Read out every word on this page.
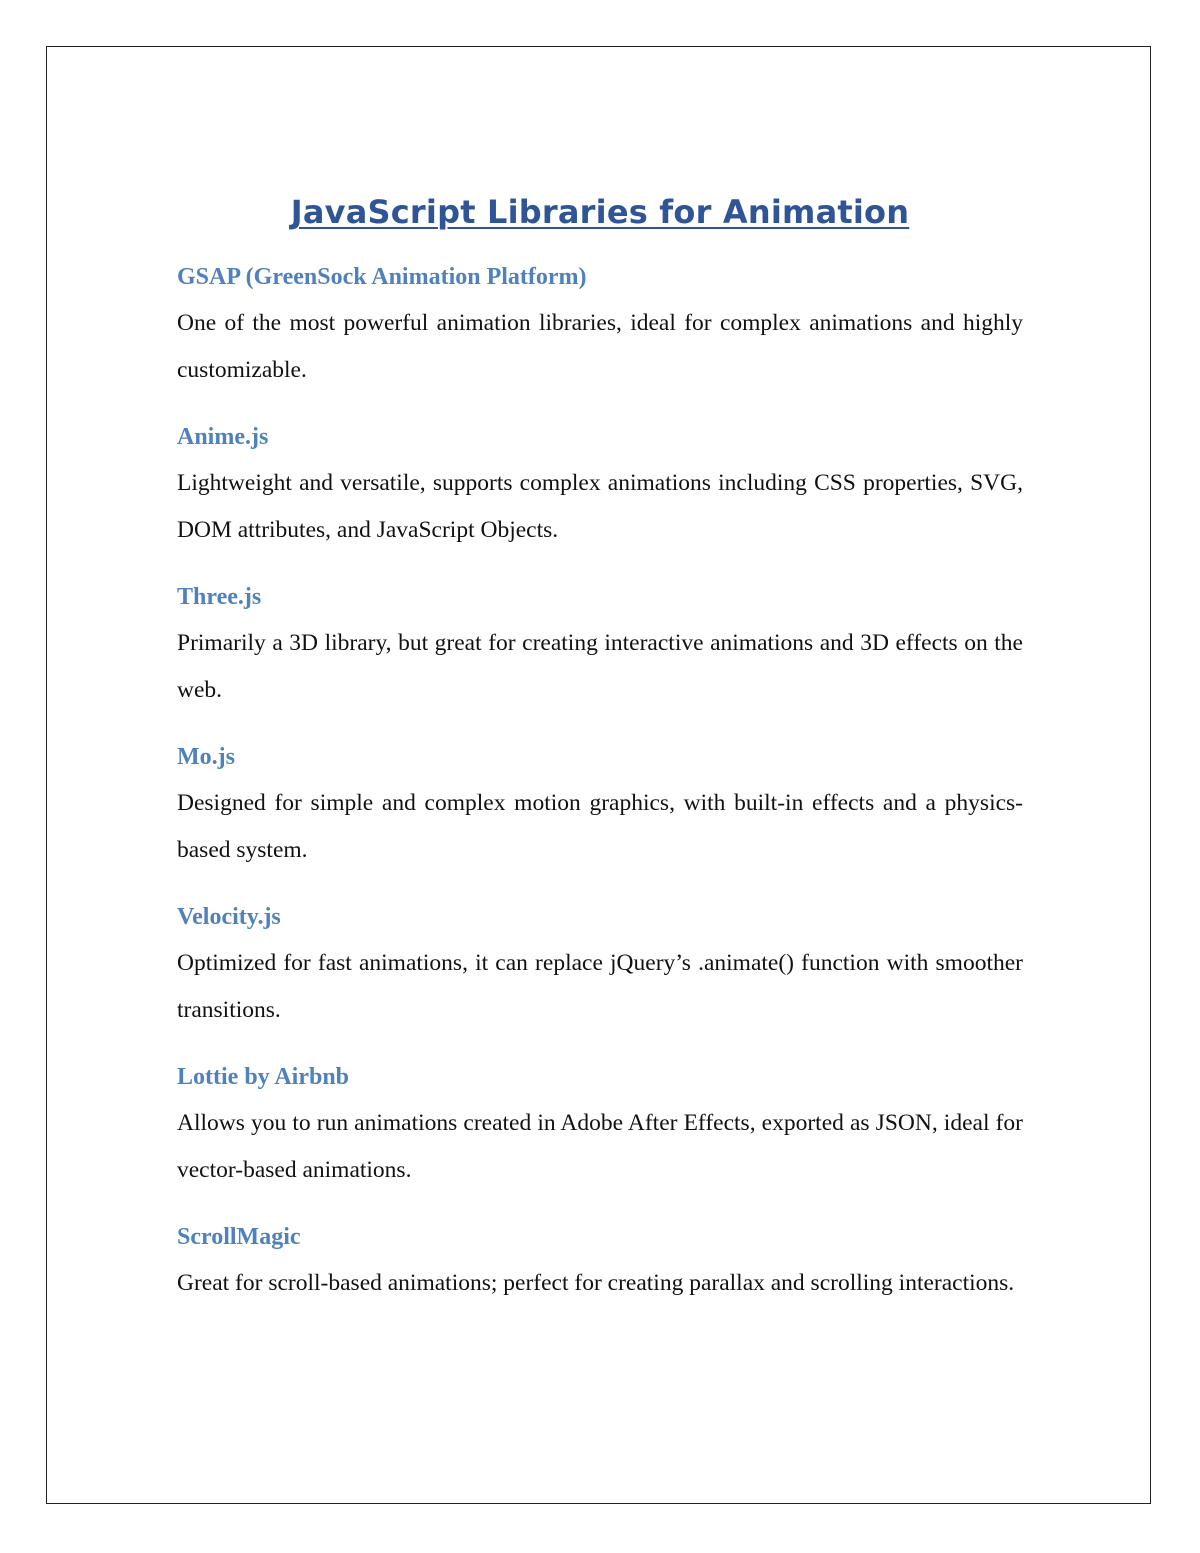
JavaScript Libraries for Animation
GSAP (GreenSock Animation Platform)

One of the most powerful animation libraries, ideal for complex animations and highly customizable.

Anime.js

Lightweight and versatile, supports complex animations including CSS properties, SVG, DOM attributes, and JavaScript Objects.

Three.js

Primarily a 3D library, but great for creating interactive animations and 3D effects on the web.

Mo.js

Designed for simple and complex motion graphics, with built-in effects and a physics-based system.

Velocity.js

Optimized for fast animations, it can replace jQuery’s .animate() function with smoother transitions.

Lottie by Airbnb

Allows you to run animations created in Adobe After Effects, exported as JSON, ideal for vector-based animations.

ScrollMagic

Great for scroll-based animations; perfect for creating parallax and scrolling interactions.
